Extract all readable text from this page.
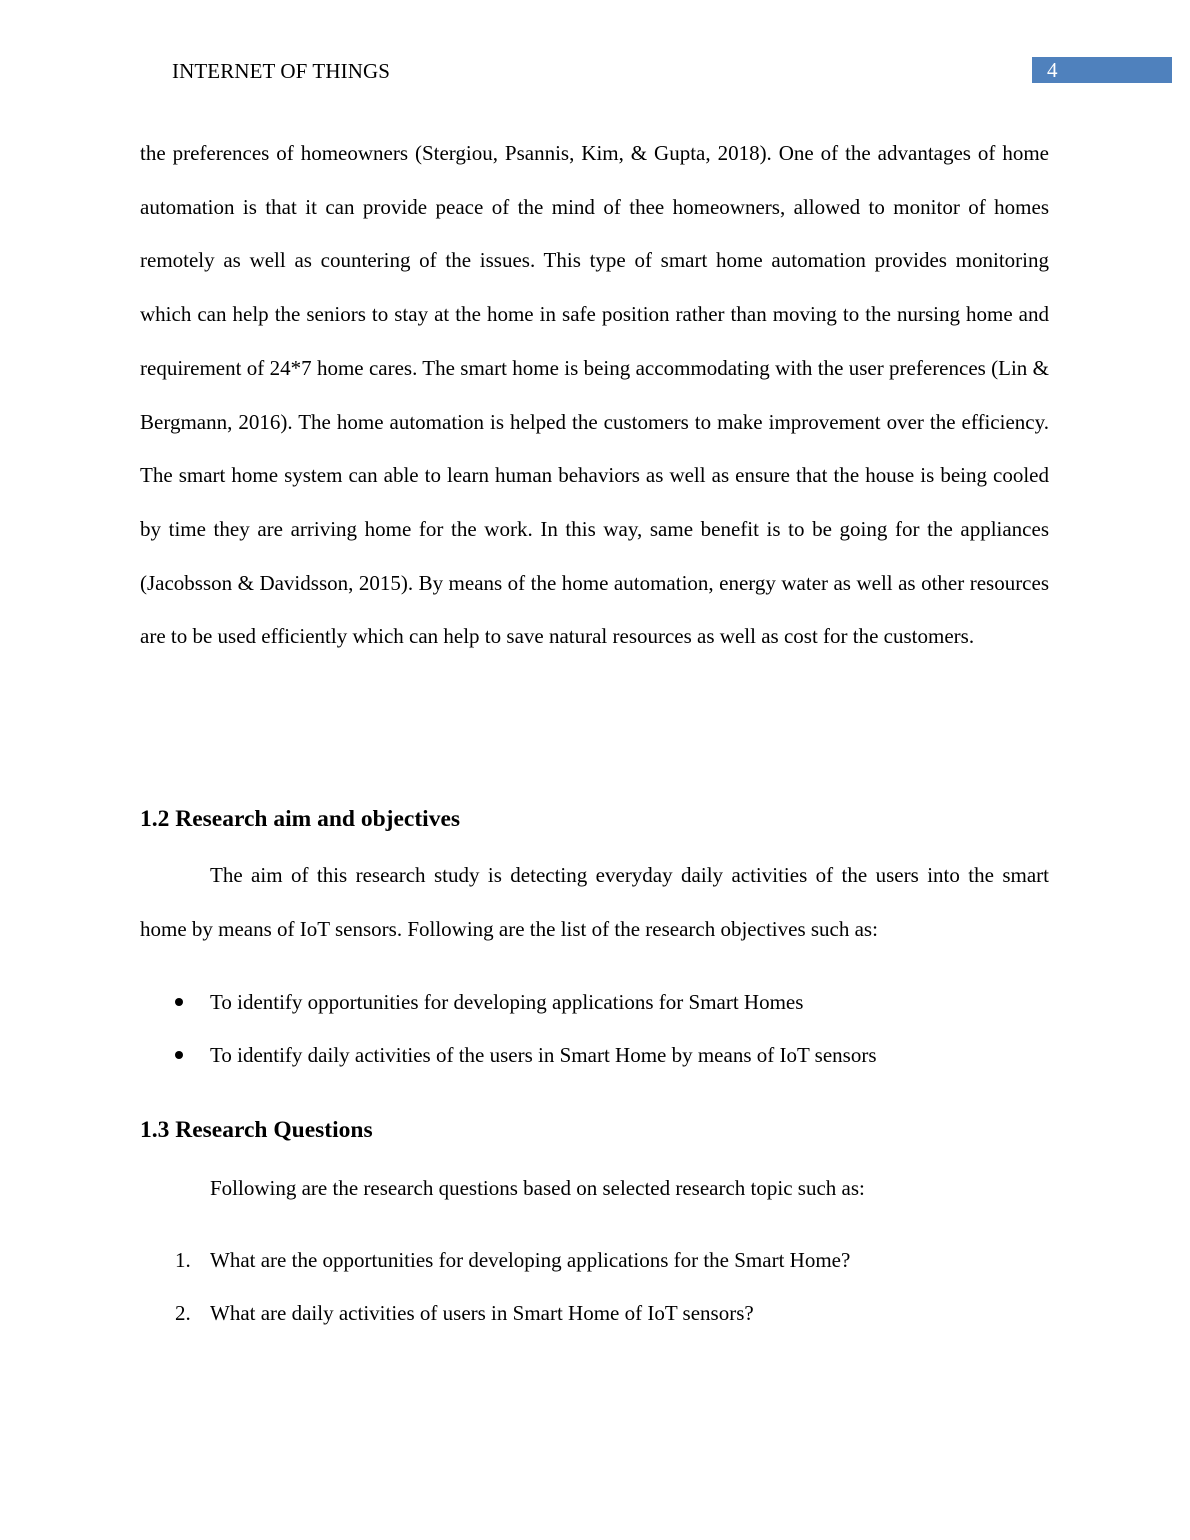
INTERNET OF THINGS	4

the preferences of homeowners (Stergiou, Psannis, Kim, & Gupta, 2018). One of the advantages of home automation is that it can provide peace of the mind of thee homeowners, allowed to monitor of homes remotely as well as countering of the issues. This type of smart home automation provides monitoring which can help the seniors to stay at the home in safe position rather than moving to the nursing home and requirement of 24*7 home cares. The smart home is being accommodating with the user preferences (Lin & Bergmann, 2016). The home automation is helped the customers to make improvement over the efficiency. The smart home system can able to learn human behaviors as well as ensure that the house is being cooled by time they are arriving home for the work. In this way, same benefit is to be going for the appliances (Jacobsson & Davidsson, 2015). By means of the home automation, energy water as well as other resources are to be used efficiently which can help to save natural resources as well as cost for the customers.

1.2 Research aim and objectives

The aim of this research study is detecting everyday daily activities of the users into the smart home by means of IoT sensors. Following are the list of the research objectives such as:

To identify opportunities for developing applications for Smart Homes
To identify daily activities of the users in Smart Home by means of IoT sensors
1.3 Research Questions
Following are the research questions based on selected research topic such as:
1. What are the opportunities for developing applications for the Smart Home?
2. What are daily activities of users in Smart Home of IoT sensors?
